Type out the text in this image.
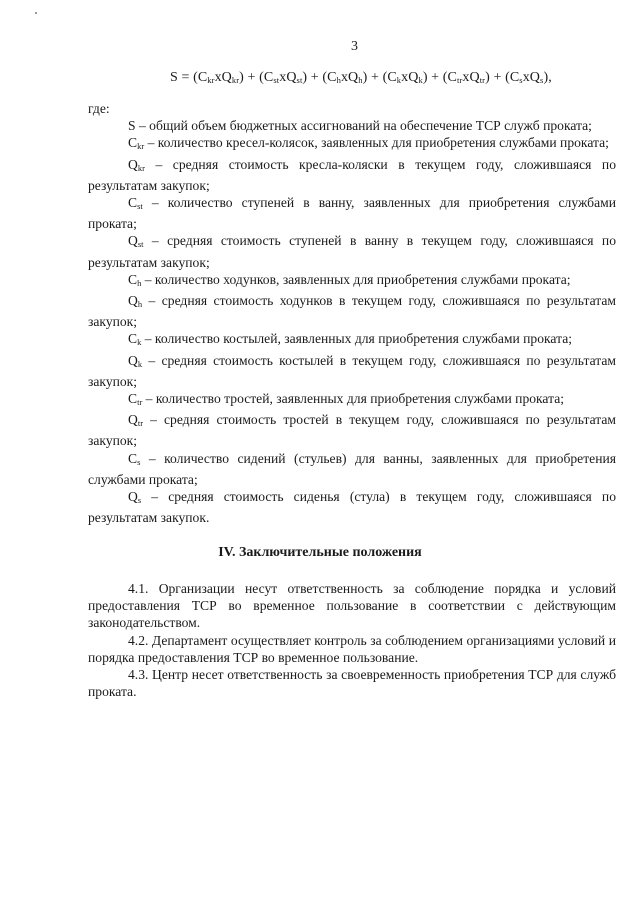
3
$S = (C_{kr}xQ_{kr}) + (C_{st}xQ_{st}) + (C_hxQ_h) + (C_kxQ_k) + (C_{tr}xQ_{tr}) + (C_sxQ_s)$,

где:

S – общий объем бюджетных ассигнований на обеспечение ТСР служб проката;

$C_{kr}$ – количество кресел-колясок, заявленных для приобретения службами проката;

$Q_{kr}$ – средняя стоимость кресла-коляски в текущем году, сложившаяся по результатам закупок;

$C_{st}$ – количество ступеней в ванну, заявленных для приобретения службами проката;

$Q_{st}$ – средняя стоимость ступеней в ванну в текущем году, сложившаяся по результатам закупок;

$C_h$ – количество ходунков, заявленных для приобретения службами проката;

$Q_h$ – средняя стоимость ходунков в текущем году, сложившаяся по результатам закупок;

$C_k$ – количество костылей, заявленных для приобретения службами проката;

$Q_k$ – средняя стоимость костылей в текущем году, сложившаяся по результатам закупок;

$C_{tr}$ – количество тростей, заявленных для приобретения службами проката;

$Q_{tr}$ – средняя стоимость тростей в текущем году, сложившаяся по результатам закупок;

$C_s$ – количество сидений (стульев) для ванны, заявленных для приобретения службами проката;

$Q_s$ – средняя стоимость сиденья (стула) в текущем году, сложившаяся по результатам закупок.

IV. Заключительные положения

4.1. Организации несут ответственность за соблюдение порядка и условий предоставления ТСР во временное пользование в соответствии с действующим законодательством.

4.2. Департамент осуществляет контроль за соблюдением организациями условий и порядка предоставления ТСР во временное пользование.

4.3. Центр несет ответственность за своевременность приобретения ТСР для служб проката.
